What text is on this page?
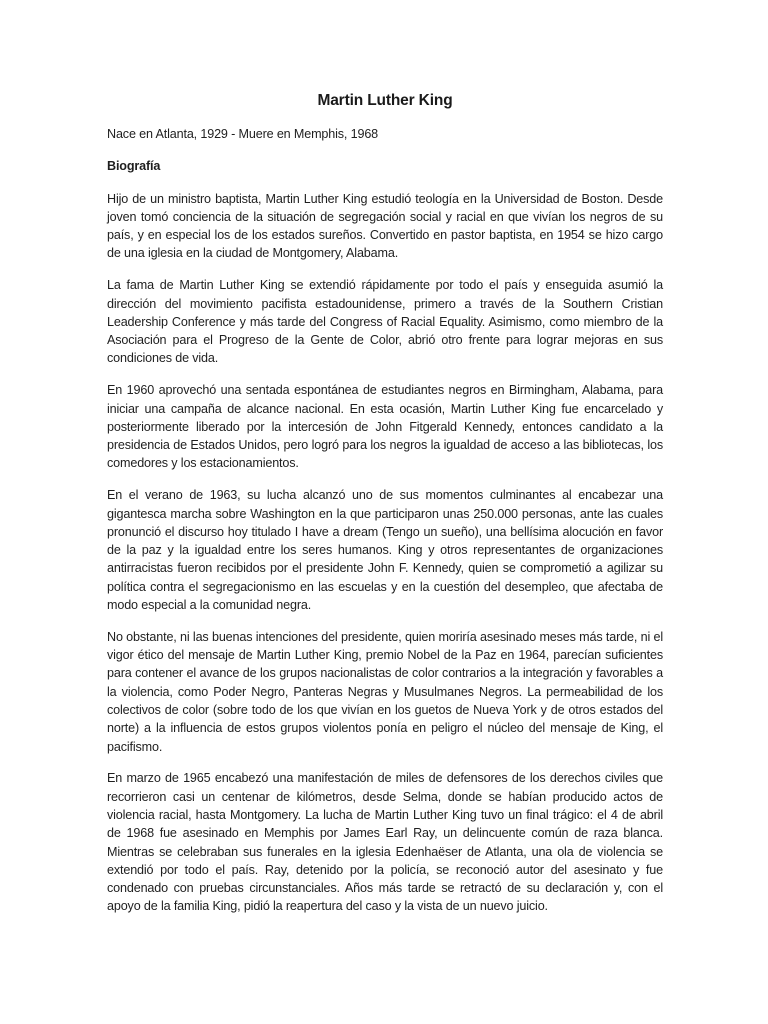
Martin Luther King
Nace en Atlanta, 1929 - Muere en Memphis, 1968
Biografía

Hijo de un ministro baptista, Martin Luther King estudió teología en la Universidad de Boston. Desde joven tomó conciencia de la situación de segregación social y racial en que vivían los negros de su país, y en especial los de los estados sureños. Convertido en pastor baptista, en 1954 se hizo cargo de una iglesia en la ciudad de Montgomery, Alabama.

La fama de Martin Luther King se extendió rápidamente por todo el país y enseguida asumió la dirección del movimiento pacifista estadounidense, primero a través de la Southern Cristian Leadership Conference y más tarde del Congress of Racial Equality. Asimismo, como miembro de la Asociación para el Progreso de la Gente de Color, abrió otro frente para lograr mejoras en sus condiciones de vida.

En 1960 aprovechó una sentada espontánea de estudiantes negros en Birmingham, Alabama, para iniciar una campaña de alcance nacional. En esta ocasión, Martin Luther King fue encarcelado y posteriormente liberado por la intercesión de John Fitgerald Kennedy, entonces candidato a la presidencia de Estados Unidos, pero logró para los negros la igualdad de acceso a las bibliotecas, los comedores y los estacionamientos.

En el verano de 1963, su lucha alcanzó uno de sus momentos culminantes al encabezar una gigantesca marcha sobre Washington en la que participaron unas 250.000 personas, ante las cuales pronunció el discurso hoy titulado I have a dream (Tengo un sueño), una bellísima alocución en favor de la paz y la igualdad entre los seres humanos. King y otros representantes de organizaciones antirracistas fueron recibidos por el presidente John F. Kennedy, quien se comprometió a agilizar su política contra el segregacionismo en las escuelas y en la cuestión del desempleo, que afectaba de modo especial a la comunidad negra.

No obstante, ni las buenas intenciones del presidente, quien moriría asesinado meses más tarde, ni el vigor ético del mensaje de Martin Luther King, premio Nobel de la Paz en 1964, parecían suficientes para contener el avance de los grupos nacionalistas de color contrarios a la integración y favorables a la violencia, como Poder Negro, Panteras Negras y Musulmanes Negros. La permeabilidad de los colectivos de color (sobre todo de los que vivían en los guetos de Nueva York y de otros estados del norte) a la influencia de estos grupos violentos ponía en peligro el núcleo del mensaje de King, el pacifismo.

En marzo de 1965 encabezó una manifestación de miles de defensores de los derechos civiles que recorrieron casi un centenar de kilómetros, desde Selma, donde se habían producido actos de violencia racial, hasta Montgomery. La lucha de Martin Luther King tuvo un final trágico: el 4 de abril de 1968 fue asesinado en Memphis por James Earl Ray, un delincuente común de raza blanca. Mientras se celebraban sus funerales en la iglesia Edenhaëser de Atlanta, una ola de violencia se extendió por todo el país. Ray, detenido por la policía, se reconoció autor del asesinato y fue condenado con pruebas circunstanciales. Años más tarde se retractó de su declaración y, con el apoyo de la familia King, pidió la reapertura del caso y la vista de un nuevo juicio.
